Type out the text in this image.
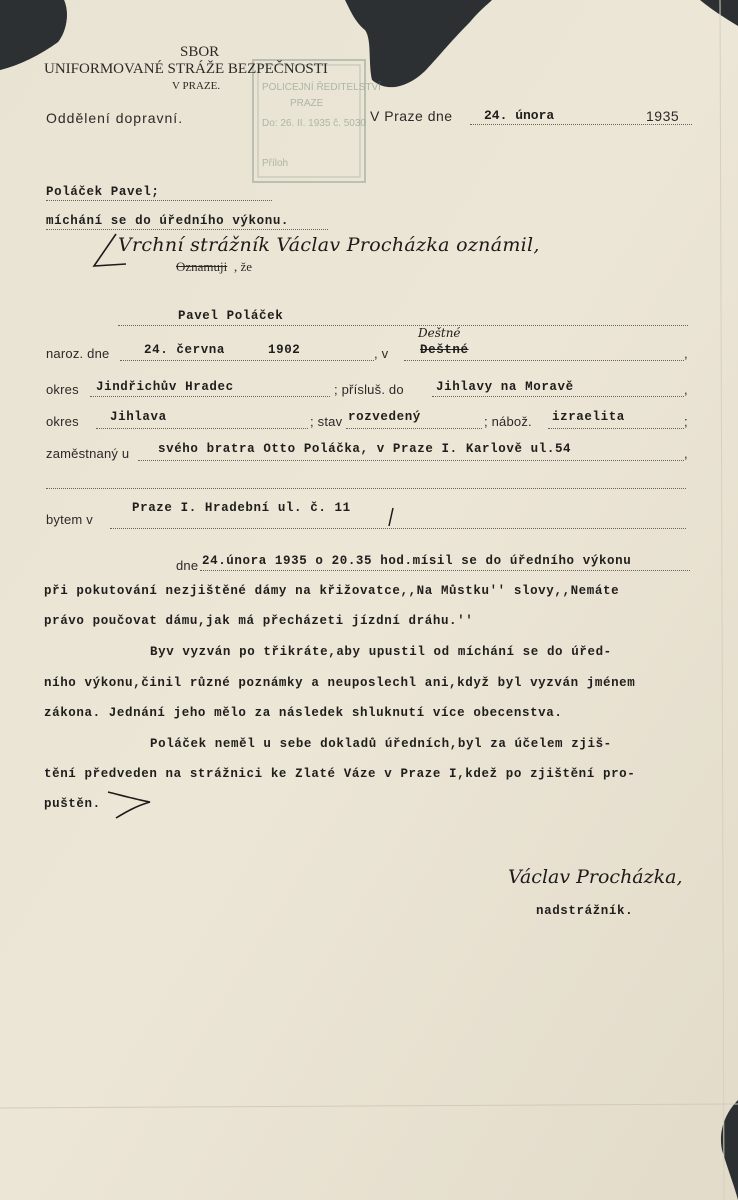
POLICEJNÍ ŘEDITELSTVÍ
PRAZE
Do: 26. II. 1935 č. 5030
Příloh
SBOR
UNIFORMOVANÉ STRÁŽE BEZPEČNOSTI
V PRAZE.
Oddělení dopravní.	V Praze dne 24. února	1935
Poláček Pavel;
míchání se do úředního výkonu.
Vrchní strážník Václav Procházka oznámil,
Oznamuji , že
Pavel Poláček
naroz. dne	24. června	1902	, v
Deštné
Deštné	,
okres Jindřichův Hradec	; přísluš. do	Jihlavy na Moravě	,
okres Jihlava	; stav rozvedený	; nábož. izraelita	;
zaměstnaný u svého bratra Otto Poláčka, v Praze I. Karlově ul.54	,
bytem v
Praze I. Hradební ul. č. 11
dne 24.února 1935 o 20.35 hod.mísil se do úředního výkonu
při pokutování nezjištěné dámy na křižovatce,,Na Můstku'' slovy,,Nemáte
právo poučovat dámu,jak má přecházeti jízdní dráhu.''
Byv vyzván po třikráte,aby upustil od míchání se do úřed-
ního výkonu,činil různé poznámky a neuposlechl ani,když byl vyzván jménem
zákona. Jednání jeho mělo za následek shluknutí více obecenstva.
Poláček neměl u sebe dokladů úředních,byl za účelem zjiš-
tění předveden na strážnici ke Zlaté Váze v Praze I,kdež po zjištění pro-
puštěn.
Václav Procházka,
nadstrážník.
